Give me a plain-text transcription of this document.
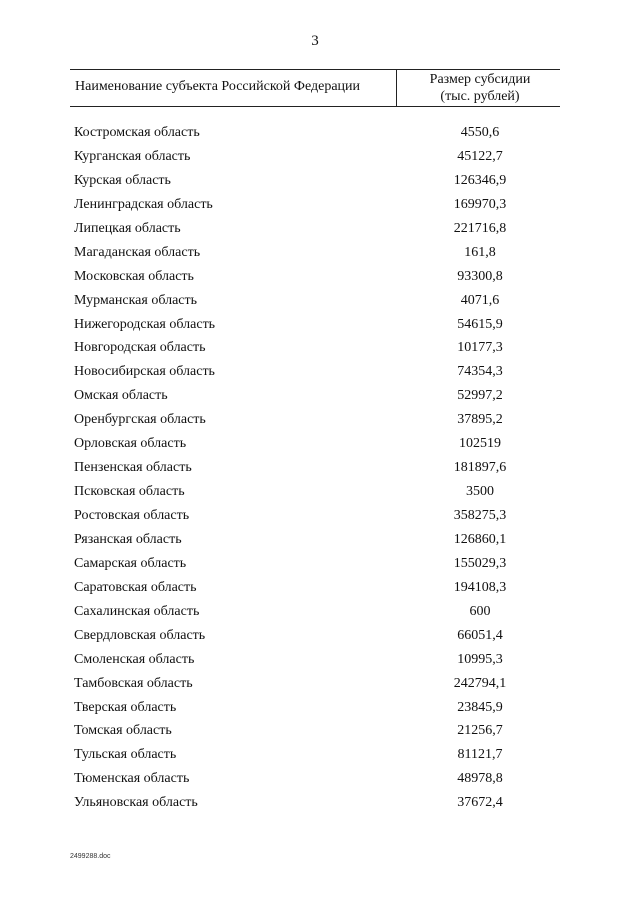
3
Наименование субъекта Российской Федерации	Размер субсидии
(тыс. рублей)
Костромская область	4550,6
Курганская область	45122,7
Курская область	126346,9
Ленинградская область	169970,3
Липецкая область	221716,8
Магаданская область	161,8
Московская область	93300,8
Мурманская область	4071,6
Нижегородская область	54615,9
Новгородская область	10177,3
Новосибирская область	74354,3
Омская область	52997,2
Оренбургская область	37895,2
Орловская область	102519
Пензенская область	181897,6
Псковская область	3500
Ростовская область	358275,3
Рязанская область	126860,1
Самарская область	155029,3
Саратовская область	194108,3
Сахалинская область	600
Свердловская область	66051,4
Смоленская область	10995,3
Тамбовская область	242794,1
Тверская область	23845,9
Томская область	21256,7
Тульская область	81121,7
Тюменская область	48978,8
Ульяновская область	37672,4
2499288.doc
